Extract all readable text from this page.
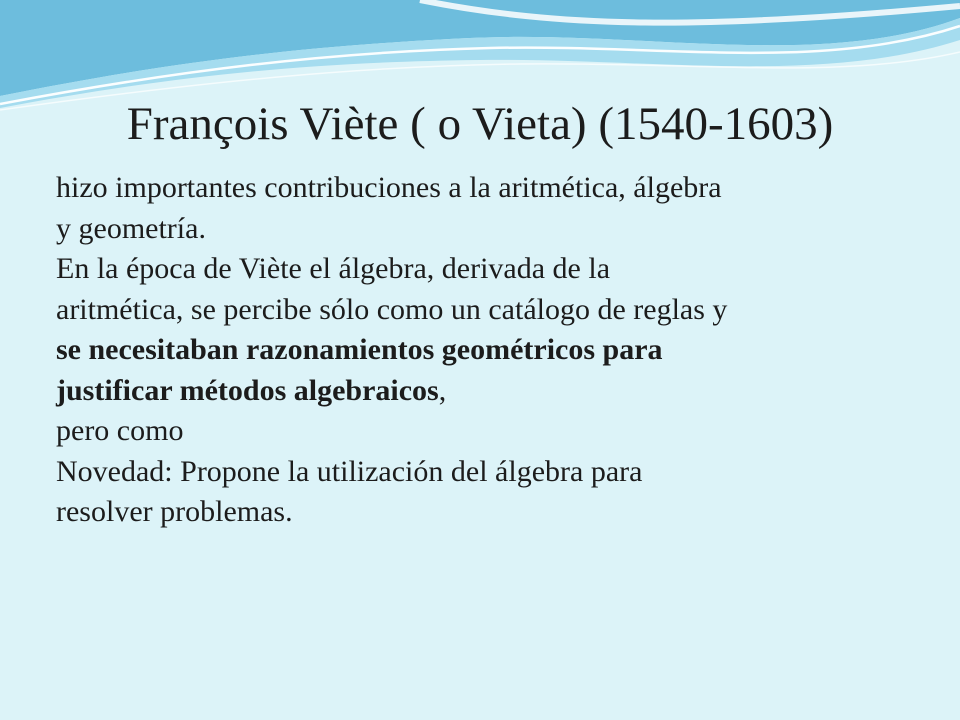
François Viète ( o Vieta) (1540-1603)
hizo importantes contribuciones a la aritmética, álgebra
y geometría.
En la época de Viète el álgebra, derivada de la
aritmética, se percibe sólo como un catálogo de reglas y
se necesitaban razonamientos geométricos para
justificar métodos algebraicos,
pero como
Novedad: Propone la utilización del álgebra para
resolver problemas.
